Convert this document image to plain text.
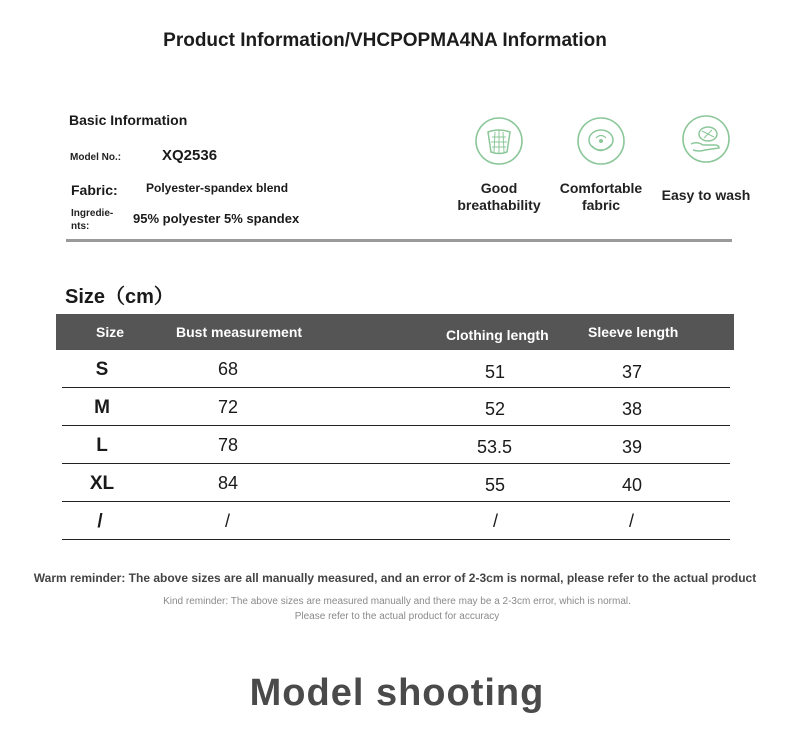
Product Information/VHCPOPMA4NA Information
Basic Information
Model No.:	XQ2536
Fabric: Polyester-spandex blend
Ingredie-
nts:
95% polyester 5% spandex
Good
breathability
Comfortable
fabric
Easy to wash
Size（cm）
Size	Bust measurement	Clothing length	Sleeve length
S	68	51	37
M	72	52	38
L	78	53.5	39
XL	84	55	40
/	/	/	/
Warm reminder: The above sizes are all manually measured, and an error of 2-3cm is normal, please refer to the actual product
Kind reminder: The above sizes are measured manually and there may be a 2-3cm error, which is normal.
Please refer to the actual product for accuracy
Model shooting
